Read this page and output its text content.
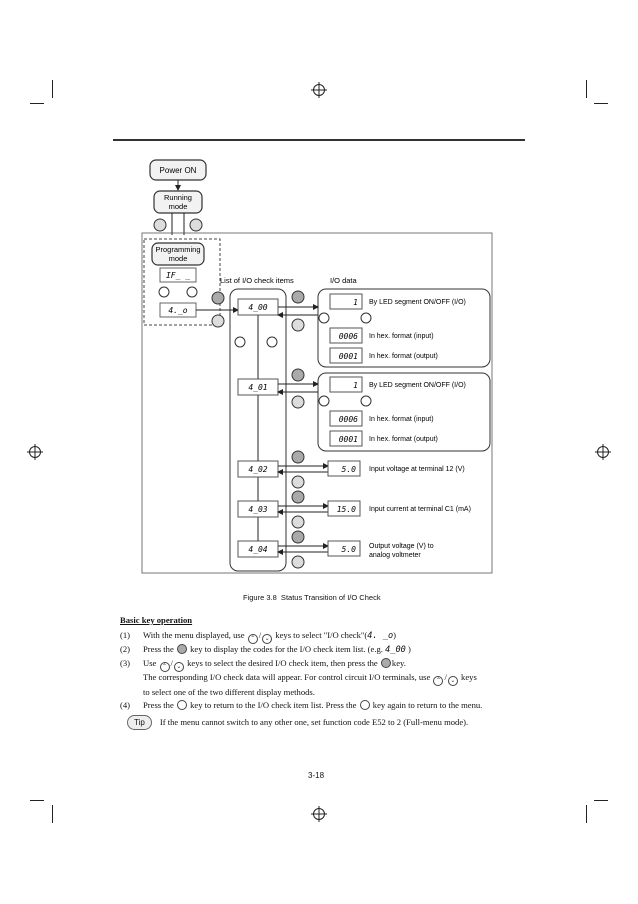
Power ON
Running mode
Programming mode
IF_ _
4._o
List of I/O check items
4_00
4_01
4_02
4_03
4_04
I/O data
1
0006
0001
1
0006
0001
5.0
15.0
5.0
By LED segment ON/OFF (I/O)
In hex. format (input)
In hex. format (output)
By LED segment ON/OFF (I/O)
In hex. format (input)
In hex. format (output)
Input voltage at terminal 12 (V)
Input current at terminal C1 (mA)
Output voltage (V) to
analog voltmeter
Figure 3.8  Status Transition of I/O Check
Basic key operation
(1) With the menu displayed, use ⌃ / ⌄ keys to select "I/O check"(4. _o)
(2) Press the key to display the codes for the I/O check item list. (e.g. 4_00 )
(3) Use ⌃ / ⌄ keys to select the desired I/O check item, then press the key.
The corresponding I/O check data will appear. For control circuit I/O terminals, use ⌃ / ⌄ keys
to select one of the two different display methods.
(4) Press the key to return to the I/O check item list. Press the key again to return to the menu.
Tip If the menu cannot switch to any other one, set function code E52 to 2 (Full-menu mode).
3-18
